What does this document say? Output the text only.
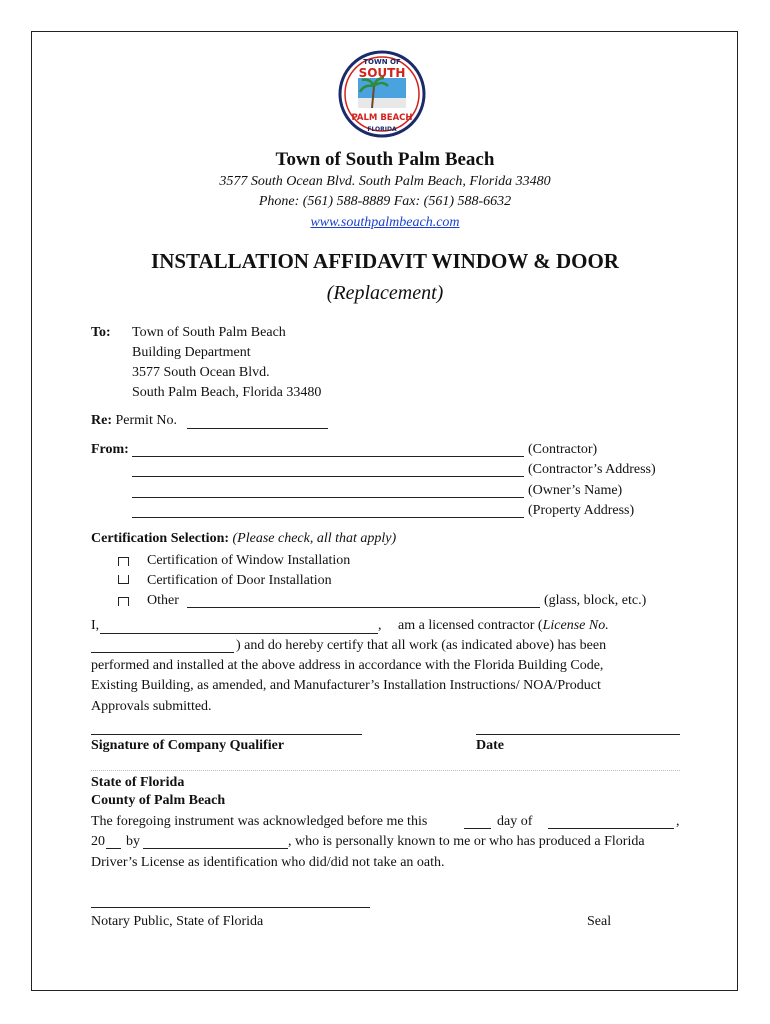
TOWN OF
SOUTH
PALM BEACH
FLORIDA
Town of South Palm Beach
3577 South Ocean Blvd. South Palm Beach, Florida 33480
Phone: (561) 588-8889 Fax: (561) 588-6632
www.southpalmbeach.com
INSTALLATION AFFIDAVIT WINDOW & DOOR
(Replacement)
To: Town of South Palm Beach
Building Department
3577 South Ocean Blvd.
South Palm Beach, Florida 33480
Re: Permit No.
From:	(Contractor)
(Contractor’s Address)
(Owner’s Name)
(Property Address)
Certification Selection: (Please check, all that apply)
Certification of Window Installation
Certification of Door Installation
Other	(glass, block, etc.)
I,	, am a licensed contractor (License No.
) and do hereby certify that all work (as indicated above) has been
performed and installed at the above address in accordance with the Florida Building Code,
Existing Building, as amended, and Manufacturer’s Installation Instructions/ NOA/Product
Approvals submitted.
Signature of Company Qualifier	Date
State of Florida
County of Palm Beach
The foregoing instrument was acknowledged before me this	day of	,
20 by	, who is personally known to me or who has produced a Florida
Driver’s License as identification who did/did not take an oath.
Notary Public, State of Florida	Seal
